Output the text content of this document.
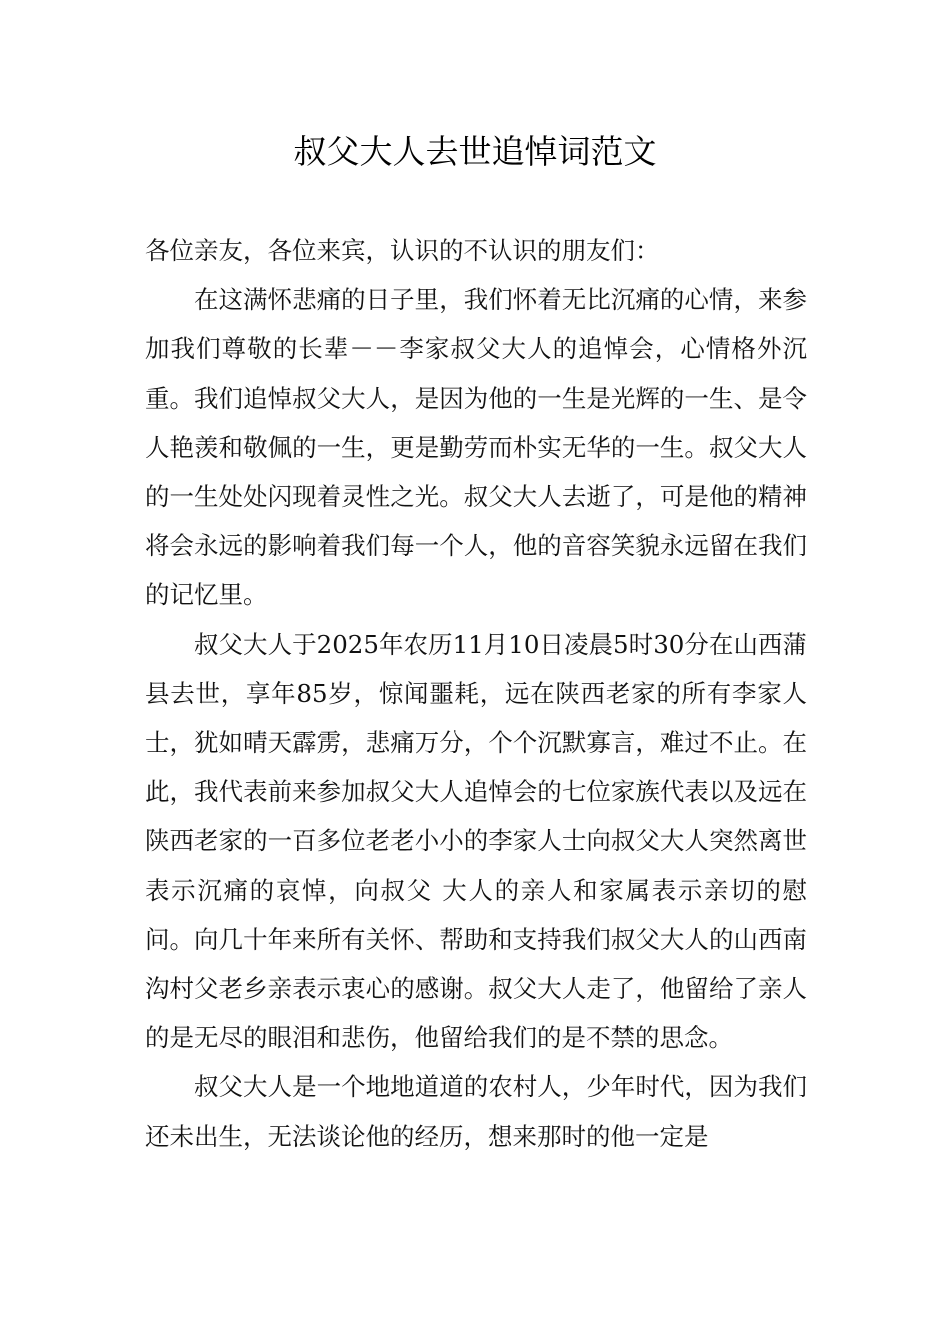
叔父大人去世追悼词范文

各位亲友，各位来宾，认识的不认识的朋友们：

在这满怀悲痛的日子里，我们怀着无比沉痛的心情，来参加我们尊敬的长辈－－李家叔父大人的追悼会，心情格外沉重。我们追悼叔父大人，是因为他的一生是光辉的一生、是令人艳羡和敬佩的一生，更是勤劳而朴实无华的一生。叔父大人的一生处处闪现着灵性之光。叔父大人去逝了，可是他的精神将会永远的影响着我们每一个人，他的音容笑貌永远留在我们的记忆里。

叔父大人于2025年农历11月10日凌晨5时30分在山西蒲县去世，享年85岁，惊闻噩耗，远在陕西老家的所有李家人士，犹如晴天霹雳，悲痛万分，个个沉默寡言，难过不止。在此，我代表前来参加叔父大人追悼会的七位家族代表以及远在陕西老家的一百多位老老小小的李家人士向叔父大人突然离世表示沉痛的哀悼，向叔父 大人的亲人和家属表示亲切的慰问。向几十年来所有关怀、帮助和支持我们叔父大人的山西南沟村父老乡亲表示衷心的感谢。叔父大人走了，他留给了亲人的是无尽的眼泪和悲伤，他留给我们的是不禁的思念。

叔父大人是一个地地道道的农村人，少年时代，因为我们还未出生，无法谈论他的经历，想来那时的他一定是
